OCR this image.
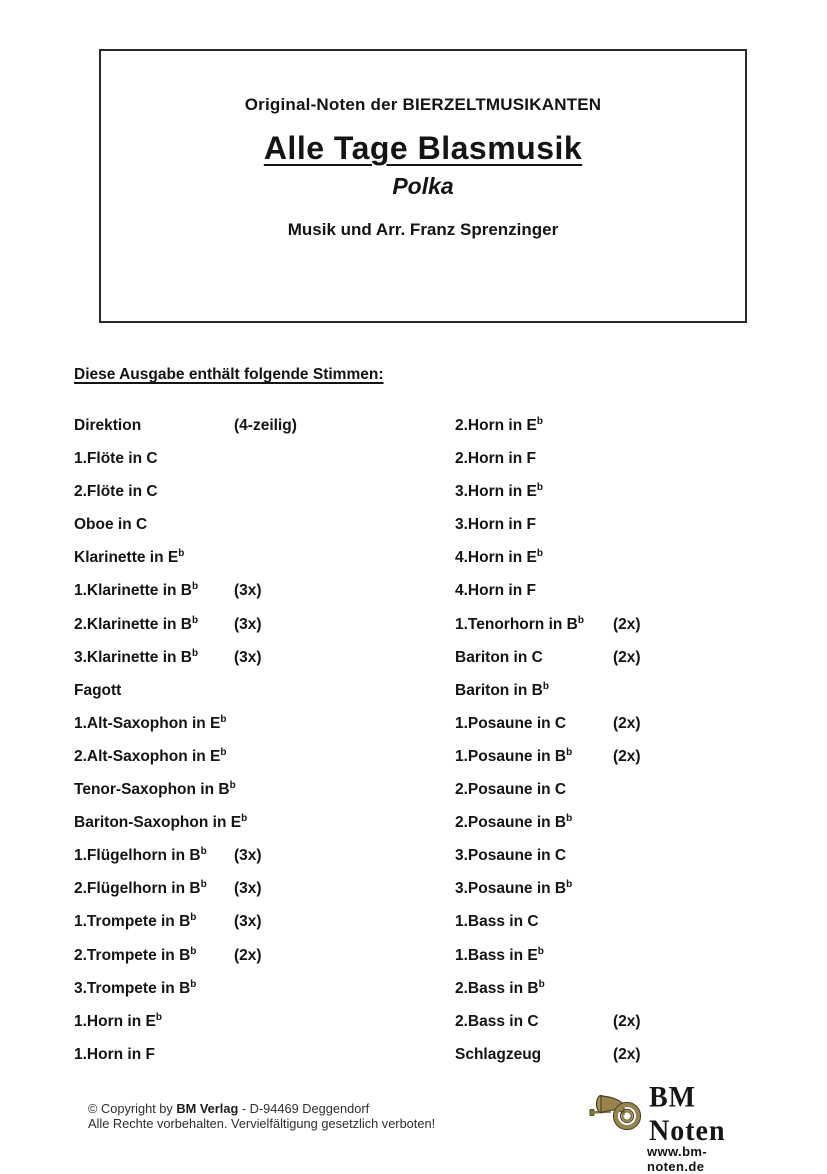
Original-Noten der BIERZELTMUSIKANTEN
Alle Tage Blasmusik
Polka
Musik und Arr. Franz Sprenzinger
Diese Ausgabe enthält folgende Stimmen:
Direktion	(4-zeilig)
1.Flöte in C
2.Flöte in C
Oboe in C
Klarinette in $E^b$
1.Klarinette in $B^b$ (3x)
2.Klarinette in $B^b$ (3x)
3.Klarinette in $B^b$ (3x)
Fagott
1.Alt-Saxophon in $E^b$
2.Alt-Saxophon in $E^b$
Tenor-Saxophon in $B^b$
Bariton-Saxophon in $E^b$
1.Flügelhorn in $B^b$ (3x)
2.Flügelhorn in $B^b$ (3x)
1.Trompete in $B^b$ (3x)
2.Trompete in $B^b$ (2x)
3.Trompete in $B^b$
1.Horn in $E^b$
1.Horn in F
2.Horn in $E^b$
2.Horn in F
3.Horn in $E^b$
3.Horn in F
4.Horn in $E^b$
4.Horn in F
1.Tenorhorn in $B^b$ (2x)
Bariton in C	(2x)
Bariton in $B^b$
1.Posaune in C	(2x)
1.Posaune in $B^b$	(2x)
2.Posaune in C
2.Posaune in $B^b$
3.Posaune in C
3.Posaune in $B^b$
1.Bass in C
1.Bass in $E^b$
2.Bass in $B^b$
2.Bass in C	(2x)
Schlagzeug	(2x)
© Copyright by BM Verlag - D-94469 Deggendorf
Alle Rechte vorbehalten. Vervielfältigung gesetzlich verboten!
BM Noten
www.bm-noten.de
